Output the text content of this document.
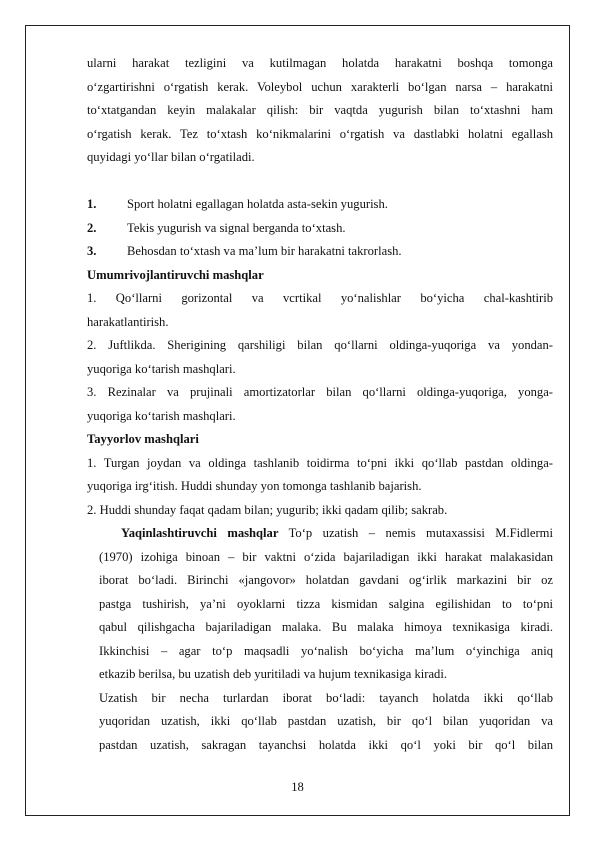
ularni harakat tezligini va kutilmagan holatda harakatni boshqa tomonga

o‘zgartirishni o‘rgatish kerak. Voleybol uchun xarakterli bo‘lgan narsa – harakatni

to‘xtatgandan keyin malakalar qilish: bir vaqtda yugurish bilan to‘xtashni ham

o‘rgatish kerak. Tez to‘xtash ko‘nikmalarini o‘rgatish va dastlabki holatni egallash

quyidagi yo‘llar bilan o‘rgatiladi.

1.	Sport holatni egallagan holatda asta-sekin yugurish.
2.	Tekis yugurish va signal berganda to‘xtash.
3.	Behosdan to‘xtash va ma’lum bir harakatni takrorlash.

Umumrivojlantiruvchi mashqlar

1. Qo‘llarni gorizontal va vcrtikal yo‘nalishlar bo‘yicha chal-kashtirib

harakatlantirish.

2. Juftlikda. Sherigining qarshiligi bilan qo‘llarni oldinga-yuqoriga va yondan-

yuqoriga ko‘tarish mashqlari.

3. Rezinalar va prujinali amortizatorlar bilan qo‘llarni oldinga-yuqoriga, yonga-

yuqoriga ko‘tarish mashqlari.

Tayyorlov mashqlari

1. Turgan joydan va oldinga tashlanib toidirma to‘pni ikki qo‘llab pastdan oldinga-

yuqoriga irg‘itish. Huddi shunday yon tomonga tashlanib bajarish.

2. Huddi shunday faqat qadam bilan; yugurib; ikki qadam qilib; sakrab.

Yaqinlashtiruvchi mashqlar To‘p uzatish – nemis mutaxassisi M.Fidlermi

(1970) izohiga binoan – bir vaktni o‘zida bajariladigan ikki harakat malakasidan

iborat bo‘ladi. Birinchi «jangovor» holatdan gavdani og‘irlik markazini bir oz

pastga tushirish, ya’ni oyoklarni tizza kismidan salgina egilishidan to to‘pni

qabul qilishgacha bajariladigan malaka. Bu malaka himoya texnikasiga kiradi.

Ikkinchisi – agar to‘p maqsadli yo‘nalish bo‘yicha ma’lum o‘yinchiga aniq

etkazib berilsa, bu uzatish deb yuritiladi va hujum texnikasiga kiradi.

Uzatish bir necha turlardan iborat bo‘ladi: tayanch holatda ikki qo‘llab

yuqoridan uzatish, ikki qo‘llab pastdan uzatish, bir qo‘l bilan yuqoridan va

pastdan uzatish, sakragan tayanchsi holatda ikki qo‘l yoki bir qo‘l bilan

18
